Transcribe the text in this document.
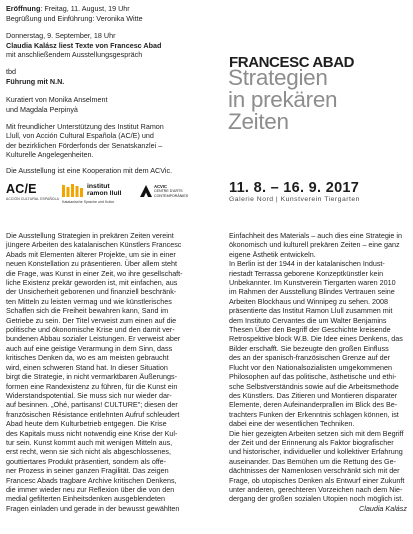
Eröffnung: Freitag, 11. August, 19 Uhr

Begrüßung und Einführung: Veronika Witte

Donnerstag, 9. September, 18 Uhr

Claudia Kalász liest Texte von Francesc Abad

mit anschließendem Ausstellungsgespräch

tbd

Führung mit N.N.

Kuratiert von Monika Anselment

und Magdala Perpinyà

Mit freundlicher Unterstützung des Institut Ramon

Llull, von Acción Cultural Española (AC/E) und

der bezirklichen Förderfonds der Senatskanzlei –

Kulturelle Angelegenheiten.

Die Ausstellung ist eine Kooperation mit dem ACVic.

AC/E
ACCIÓN CULTURAL ESPAÑOLA
institut
ramon llull
Katalanische Sprache und Kultur
ACVIC
CENTRE D'ARTS
CONTEMPORÀNIES
FRANCESC ABAD
Strategien
in prekären
Zeiten
11. 8. – 16. 9. 2017
Galerie Nord | Kunstverein Tiergarten

Die Ausstellung Strategien in prekären Zeiten vereint

jüngere Arbeiten des katalanischen Künstlers Francesc

Abads mit Elementen älterer Projekte, um sie in einer

neuen Konstellation zu präsentieren. Über allem steht

die Frage, was Kunst in einer Zeit, wo ihre gesellschaft-

liche Existenz prekär geworden ist, mit einfachen, aus

der Unsicherheit geborenen und finanziell beschränk-

ten Mitteln zu leisten vermag und wie künstlerisches

Schaffen sich die Freiheit bewahren kann, Sand im

Getriebe zu sein. Der Titel verweist zum einen auf die

politische und ökonomische Krise und den damit ver-

bundenen Abbau sozialer Leistungen. Er verweist aber

auch auf eine geistige Verarmung in dem Sinn, dass

kritisches Denken da, wo es am meisten gebraucht

wird, einen schweren Stand hat. In dieser Situation

birgt die Strategie, in nicht vermarktbaren Äußerungs-

formen eine Randexistenz zu führen, für die Kunst ein

Widerstandspotential. Sie muss sich nur wieder dar-

auf besinnen. „Ohé, partisans! CULTURE"; diesen der

französischen Résistance entlehnten Aufruf schleudert

Abad heute dem Kulturbetrieb entgegen. Die Krise

des Kapitals muss nicht notwendig eine Krise der Kul-

tur sein. Kunst kommt auch mit wenigen Mitteln aus,

erst recht, wenn sie sich nicht als abgeschlossenes,

gouttiertares Produkt präsentiert, sondern als offe-

ner Prozess in seiner ganzen Fragilität. Das zeigen

Francesc Abads tragbare Archive kritischen Denkens,

die immer wieder neu zur Reflexion über die von den

medial gefilterten Einheitsdenken ausgeblendeten

Fragen einladen und gerade in der bewusst gewählten

Einfachheit des Materials – auch dies eine Strategie in

ökonomisch und kulturell prekären Zeiten – eine ganz

eigene Ästhetik entwickeln.

In Berlin ist der 1944 in der katalanischen Indust-

riestadt Terrassa geborene Konzeptkünstler kein

Unbekannter. Im Kunstverein Tiergarten waren 2010

im Rahmen der Ausstellung Blindes Vertrauen seine

Arbeiten Blockhaus und Winnipeg zu sehen. 2008

präsentierte das Institut Ramon Llull zusammen mit

dem Instituto Cervantes die um Walter Benjamins

Thesen Über den Begriff der Geschichte kreisende

Retrospektive block W.B. Die Idee eines Denkens, das

Bilder erschafft. Sie bezeugte den großen Einfluss

des an der spanisch-französischen Grenze auf der

Flucht vor den Nationalsozialisten umgekommenen

Philosophen auf das politische, ästhetische und ethi-

sche Selbstverständnis sowie auf die Arbeitsmethode

des Künstlers. Das Zitieren und Montieren disparater

Elemente, deren Aufeinanderprallen im Blick des Be-

trachters Funken der Erkenntnis schlagen können, ist

dabei eine der wesentlichen Techniken.

Die hier gezeigten Arbeiten setzen sich mit dem Begriff

der Zeit und der Erinnerung als Faktor biografischer

und historischer, individueller und kollektiver Erfahrung

auseinander. Das Bemühen um die Rettung des Ge-

dächtnisses der Namenlosen verschränkt sich mit der

Frage, ob utopisches Denken als Entwurf einer Zukunft

unter anderen, gerechteren Vorzeichen nach dem Nie-

dergang der großen sozialen Utopien noch möglich ist.

Claudia Kalász
